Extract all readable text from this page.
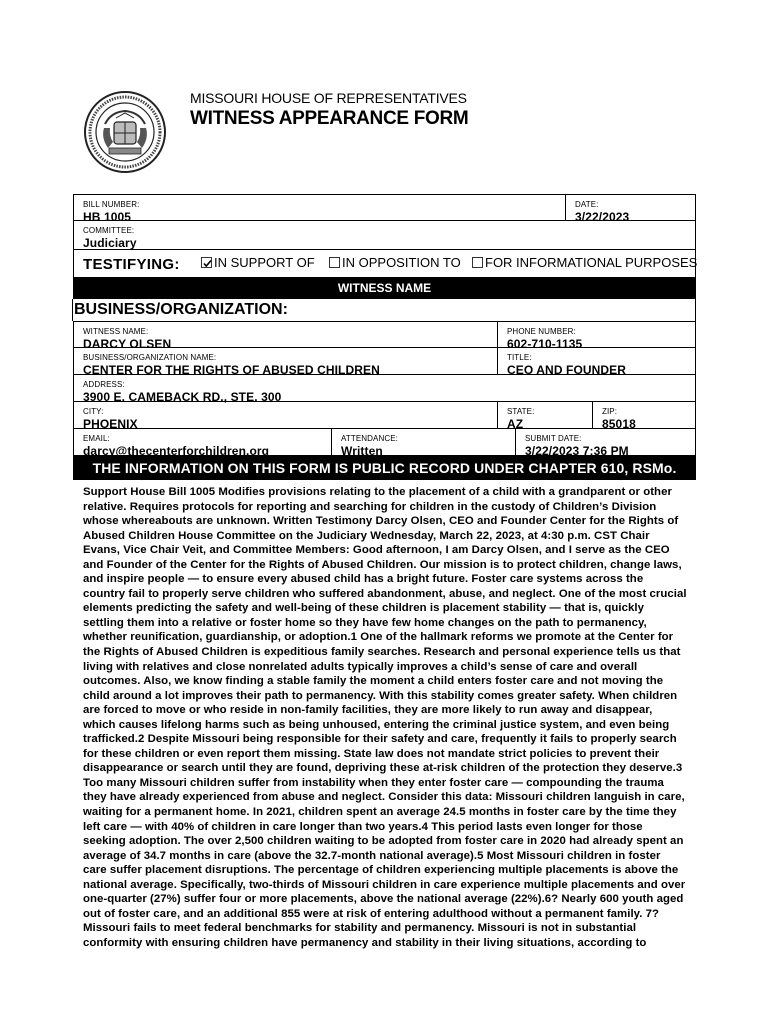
MISSOURI HOUSE OF REPRESENTATIVES
WITNESS APPEARANCE FORM
BILL NUMBER:
HB 1005
DATE:
3/22/2023
COMMITTEE:
Judiciary
TESTIFYING:	IN SUPPORT OF IN OPPOSITION TO FOR INFORMATIONAL PURPOSES
WITNESS NAME
BUSINESS/ORGANIZATION:
WITNESS NAME:
DARCY OLSEN
PHONE NUMBER:
602-710-1135
BUSINESS/ORGANIZATION NAME:
CENTER FOR THE RIGHTS OF ABUSED CHILDREN
TITLE:
CEO AND FOUNDER
ADDRESS:
3900 E. CAMEBACK RD., STE. 300
CITY:
PHOENIX
STATE:
AZ
ZIP:
85018
EMAIL:
darcy@thecenterforchildren.org
ATTENDANCE:
Written
SUBMIT DATE:
3/22/2023 7:36 PM
THE INFORMATION ON THIS FORM IS PUBLIC RECORD UNDER CHAPTER 610, RSMo.
Support House Bill 1005 Modifies provisions relating to the placement of a child with a grandparent or other relative. Requires protocols for reporting and searching for children in the custody of Children’s Division whose whereabouts are unknown. Written Testimony Darcy Olsen, CEO and Founder Center for the Rights of Abused Children House Committee on the Judiciary Wednesday, March 22, 2023, at 4:30 p.m. CST Chair Evans, Vice Chair Veit, and Committee Members: Good afternoon, I am Darcy Olsen, and I serve as the CEO and Founder of the Center for the Rights of Abused Children. Our mission is to protect children, change laws, and inspire people — to ensure every abused child has a bright future. Foster care systems across the country fail to properly serve children who suffered abandonment, abuse, and neglect. One of the most crucial elements predicting the safety and well-being of these children is placement stability — that is, quickly settling them into a relative or foster home so they have few home changes on the path to permanency, whether reunification, guardianship, or adoption.1 One of the hallmark reforms we promote at the Center for the Rights of Abused Children is expeditious family searches. Research and personal experience tells us that living with relatives and close nonrelated adults typically improves a child’s sense of care and overall outcomes. Also, we know finding a stable family the moment a child enters foster care and not moving the child around a lot improves their path to permanency. With this stability comes greater safety. When children are forced to move or who reside in non-family facilities, they are more likely to run away and disappear, which causes lifelong harms such as being unhoused, entering the criminal justice system, and even being trafficked.2 Despite Missouri being responsible for their safety and care, frequently it fails to properly search for these children or even report them missing. State law does not mandate strict policies to prevent their disappearance or search until they are found, depriving these at-risk children of the protection they deserve.3 Too many Missouri children suffer from instability when they enter foster care — compounding the trauma they have already experienced from abuse and neglect. Consider this data: Missouri children languish in care, waiting for a permanent home. In 2021, children spent an average 24.5 months in foster care by the time they left care — with 40% of children in care longer than two years.4 This period lasts even longer for those seeking adoption. The over 2,500 children waiting to be adopted from foster care in 2020 had already spent an average of 34.7 months in care (above the 32.7-month national average).5 Most Missouri children in foster care suffer placement disruptions. The percentage of children experiencing multiple placements is above the national average. Specifically, two-thirds of Missouri children in care experience multiple placements and over one-quarter (27%) suffer four or more placements, above the national average (22%).6? Nearly 600 youth aged out of foster care, and an additional 855 were at risk of entering adulthood without a permanent family. 7? Missouri fails to meet federal benchmarks for stability and permanency. Missouri is not in substantial conformity with ensuring children have permanency and stability in their living situations, according to
